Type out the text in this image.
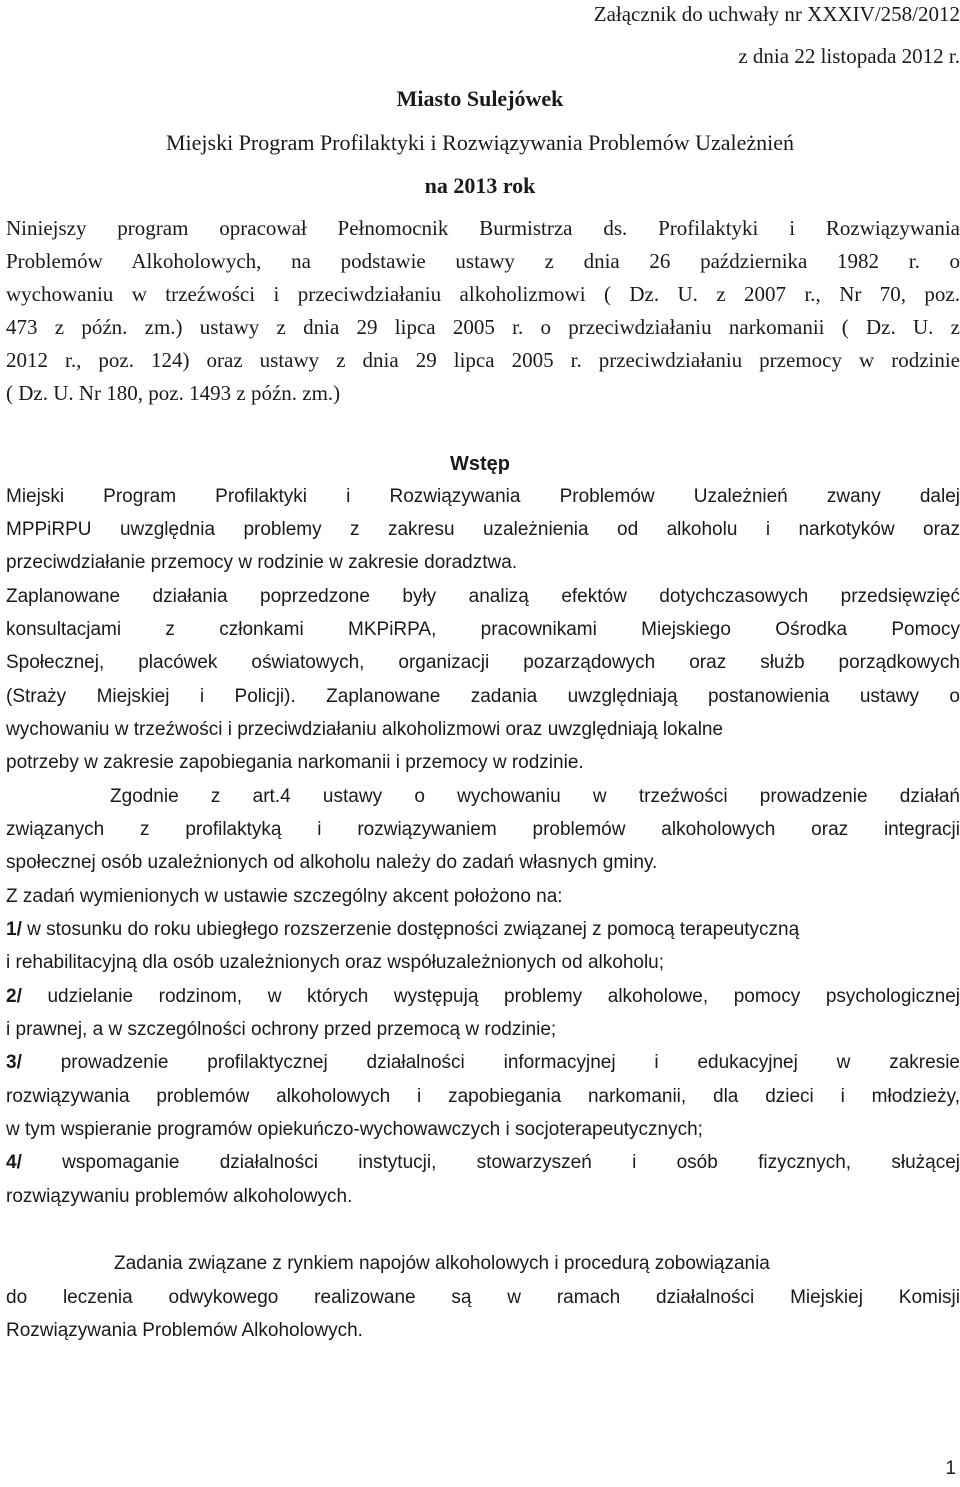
Załącznik do uchwały nr XXXIV/258/2012
z dnia 22 listopada 2012 r.
Miasto Sulejówek
Miejski Program Profilaktyki i Rozwiązywania Problemów Uzależnień
na 2013 rok
Niniejszy program opracował Pełnomocnik Burmistrza ds. Profilaktyki i Rozwiązywania
Problemów Alkoholowych, na podstawie ustawy z dnia 26 października 1982 r. o
wychowaniu w trzeźwości i przeciwdziałaniu alkoholizmowi ( Dz. U. z 2007 r., Nr 70, poz.
473 z późn. zm.) ustawy z dnia 29 lipca 2005 r. o przeciwdziałaniu narkomanii ( Dz. U. z
2012 r., poz. 124) oraz ustawy z dnia 29 lipca 2005 r. przeciwdziałaniu przemocy w rodzinie
( Dz. U. Nr 180, poz. 1493 z późn. zm.)
Wstęp
Miejski Program Profilaktyki i Rozwiązywania Problemów Uzależnień zwany dalej
MPPiRPU uwzględnia problemy z zakresu uzależnienia od alkoholu i narkotyków oraz
przeciwdziałanie przemocy w rodzinie w zakresie doradztwa.
Zaplanowane działania poprzedzone były analizą efektów dotychczasowych przedsięwzięć
konsultacjami z członkami MKPiRPA, pracownikami Miejskiego Ośrodka Pomocy
Społecznej, placówek oświatowych, organizacji pozarządowych oraz służb porządkowych
(Straży Miejskiej i Policji). Zaplanowane zadania uwzględniają postanowienia ustawy o
wychowaniu w trzeźwości i przeciwdziałaniu alkoholizmowi oraz uwzględniają lokalne
potrzeby w zakresie zapobiegania narkomanii i przemocy w rodzinie.
Zgodnie z art.4 ustawy o wychowaniu w trzeźwości prowadzenie działań
związanych z profilaktyką i rozwiązywaniem problemów alkoholowych oraz integracji
społecznej osób uzależnionych od alkoholu należy do zadań własnych gminy.
Z zadań wymienionych w ustawie szczególny akcent położono na:
1/ w stosunku do roku ubiegłego rozszerzenie dostępności związanej z pomocą terapeutyczną
i rehabilitacyjną dla osób uzależnionych oraz współuzależnionych od alkoholu;
2/ udzielanie rodzinom, w których występują problemy alkoholowe, pomocy psychologicznej
i prawnej, a w szczególności ochrony przed przemocą w rodzinie;
3/ prowadzenie profilaktycznej działalności informacyjnej i edukacyjnej w zakresie
rozwiązywania problemów alkoholowych i zapobiegania narkomanii, dla dzieci i młodzieży,
w tym wspieranie programów opiekuńczo-wychowawczych i socjoterapeutycznych;
4/ wspomaganie działalności instytucji, stowarzyszeń i osób fizycznych, służącej
rozwiązywaniu problemów alkoholowych.
Zadania związane z rynkiem napojów alkoholowych i procedurą zobowiązania
do leczenia odwykowego realizowane są w ramach działalności Miejskiej Komisji
Rozwiązywania Problemów Alkoholowych.
1
